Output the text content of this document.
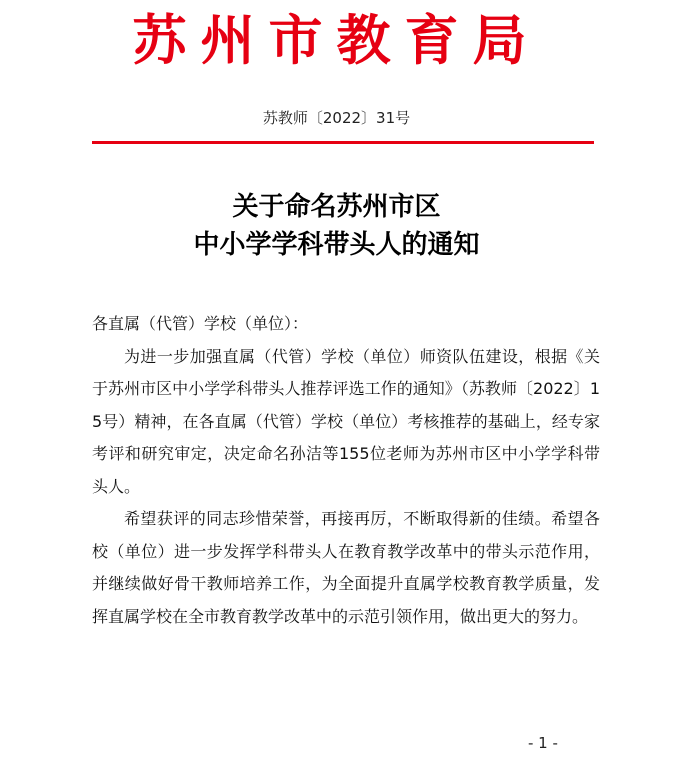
苏州市教育局
苏教师〔2022〕31号
关于命名苏州市区
中小学学科带头人的通知

各直属（代管）学校（单位）：

为进一步加强直属（代管）学校（单位）师资队伍建设，根据《关于苏州市区中小学学科带头人推荐评选工作的通知》（苏教师〔2022〕15号）精神，在各直属（代管）学校（单位）考核推荐的基础上，经专家考评和研究审定，决定命名孙洁等155位老师为苏州市区中小学学科带头人。

希望获评的同志珍惜荣誉，再接再厉，不断取得新的佳绩。希望各校（单位）进一步发挥学科带头人在教育教学改革中的带头示范作用，并继续做好骨干教师培养工作，为全面提升直属学校教育教学质量，发挥直属学校在全市教育教学改革中的示范引领作用，做出更大的努力。

- 1 -
